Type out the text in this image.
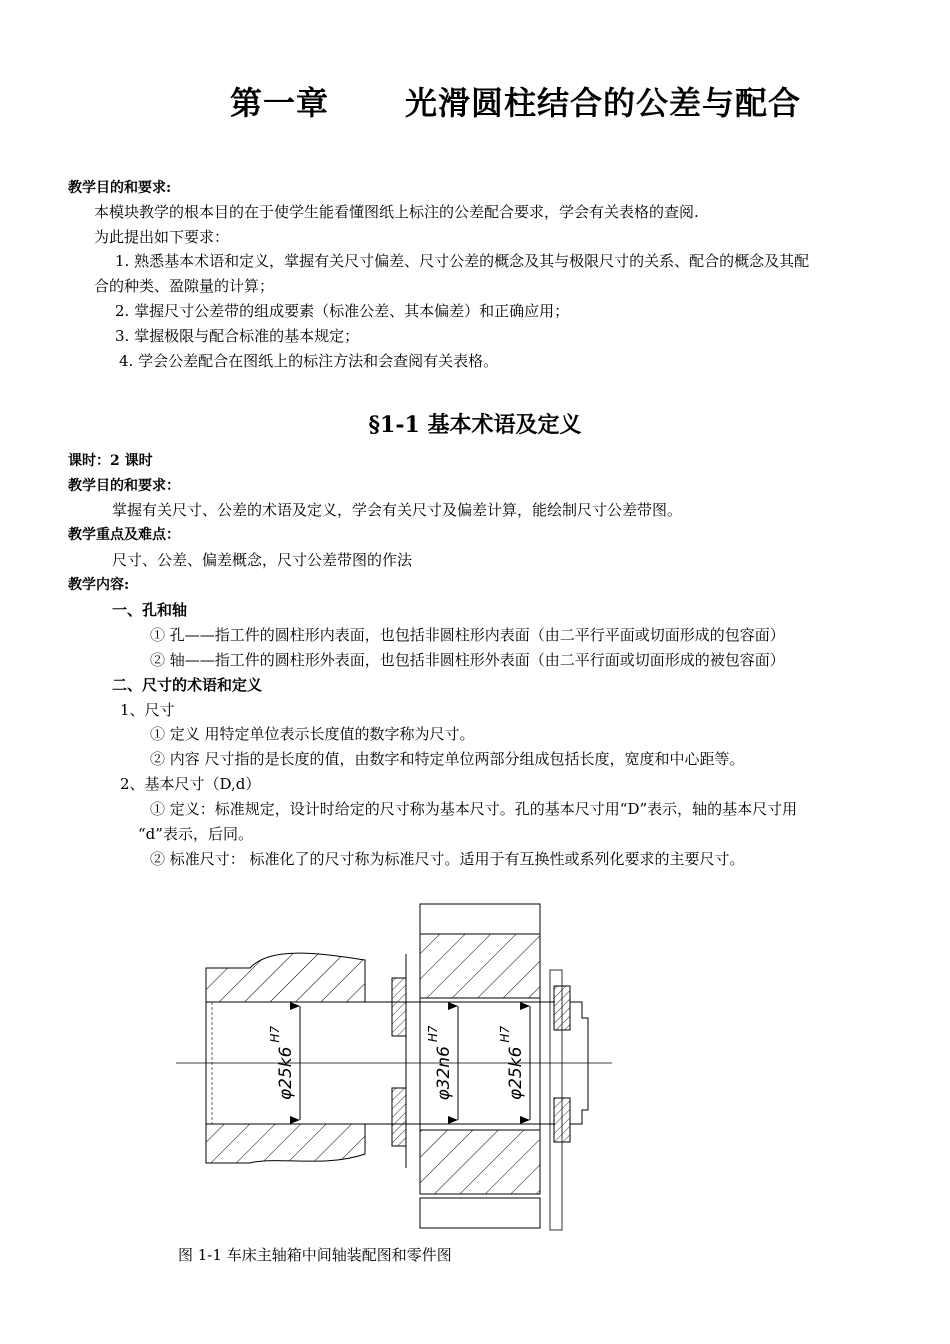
第一章 光滑圆柱结合的公差与配合
教学目的和要求:
本模块教学的根本目的在于使学生能看懂图纸上标注的公差配合要求，学会有关表格的查阅.
为此提出如下要求：
1. 熟悉基本术语和定义，掌握有关尺寸偏差、尺寸公差的概念及其与极限尺寸的关系、配合的概念及其配
合的种类、盈隙量的计算；
2. 掌握尺寸公差带的组成要素（标准公差、其本偏差）和正确应用；
3. 掌握极限与配合标准的基本规定；
4. 学会公差配合在图纸上的标注方法和会查阅有关表格。
§1-1 基本术语及定义
课时：2 课时
教学目的和要求：
掌握有关尺寸、公差的术语及定义，学会有关尺寸及偏差计算，能绘制尺寸公差带图。
教学重点及难点：
尺寸、公差、偏差概念，尺寸公差带图的作法
教学内容:
一、孔和轴
① 孔——指工件的圆柱形内表面，也包括非圆柱形内表面（由二平行平面或切面形成的包容面）
② 轴——指工件的圆柱形外表面，也包括非圆柱形外表面（由二平行面或切面形成的被包容面）
二、尺寸的术语和定义
1、尺寸
① 定义 用特定单位表示长度值的数字称为尺寸。
② 内容 尺寸指的是长度的值，由数字和特定单位两部分组成包括长度，宽度和中心距等。
2、基本尺寸（D,d）
① 定义：标准规定，设计时给定的尺寸称为基本尺寸。孔的基本尺寸用“D”表示，轴的基本尺寸用
“d”表示，后同。
② 标准尺寸： 标准化了的尺寸称为标准尺寸。适用于有互换性或系列化要求的主要尺寸。
$\varphi 25k6^{H7}$
$\varphi 32n6^{H7}$
$\varphi 25k6^{H7}$
图 1-1 车床主轴箱中间轴装配图和零件图
